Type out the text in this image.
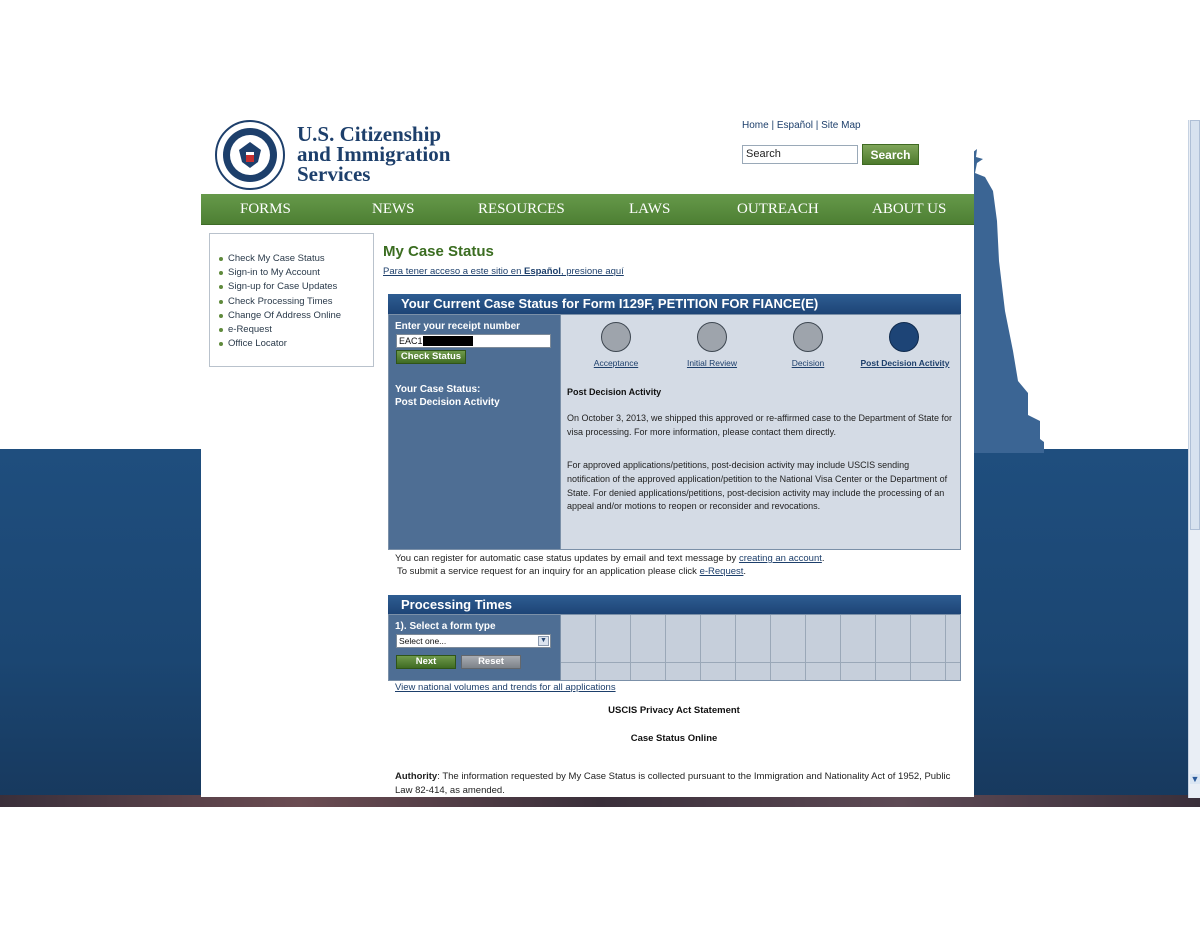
▼
U.S. Citizenship
and Immigration
Services
Home | Español | Site Map
Search	Search
FORMS	NEWS	RESOURCES	LAWS	OUTREACH	ABOUT US
Check My Case Status
Sign-in to My Account
Sign-up for Case Updates
Check Processing Times
Change Of Address Online
e-Request
Office Locator
My Case Status
Para tener acceso a este sitio en Español, presione aquí
Your Current Case Status for Form I129F, PETITION FOR FIANCE(E)
Enter your receipt number
EAC1
Check Status
Your Case Status:
Post Decision Activity
Acceptance	Initial Review	Decision	Post Decision Activity
Post Decision Activity
On October 3, 2013, we shipped this approved or re-affirmed case to the Department of State for visa processing. For more information, please contact them directly.
For approved applications/petitions, post-decision activity may include USCIS sending notification of the approved application/petition to the National Visa Center or the Department of State. For denied applications/petitions, post-decision activity may include the processing of an appeal and/or motions to reopen or reconsider and revocations.
You can register for automatic case status updates by email and text message by creating an account.
To submit a service request for an inquiry for an application please click e-Request.
Processing Times
1). Select a form type
Select one...	▼
Next	Reset
View national volumes and trends for all applications
USCIS Privacy Act Statement
Case Status Online
Authority: The information requested by My Case Status is collected pursuant to the Immigration and Nationality Act of 1952, Public Law 82-414, as amended.
